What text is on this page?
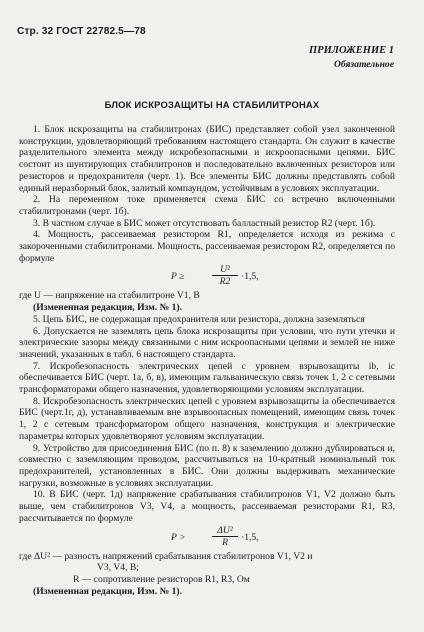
Стр. 32 ГОСТ 22782.5—78
ПРИЛОЖЕНИЕ 1
Обязательное
БЛОК ИСКРОЗАЩИТЫ НА СТАБИЛИТРОНАХ

1. Блок искрозащиты на стабилитронах (БИС) представляет собой узел законченной конструкции, удовлетворяющий требованиям настоящего стандарта. Он служит в качестве разделительного элемента между искробезопасными и искроопасными цепями. БИС состоит из шунтирующих стабилитронов и последовательно включенных резисторов или резисторов и предохранителя (черт. 1). Все элементы БИС должны представлять собой единый неразборный блок, залитый компаундом, устойчивым в условиях эксплуатации.

2. На переменном токе применяется схема БИС со встречно включенными стабилитронами (черт. 1б).

3. В частном случае в БИС может отсутствовать балластный резистор R2 (черт. 1б).

4. Мощность, рассеиваемая резистором R1, определяется исходя из режима с закороченными стабилитронами. Мощность, рассеиваемая резистором R2, определяется по формуле

P ≥	$\frac{\text{U²}}{R2} \cdot 1,5$,

где U — напряжение на стабилитроне V1, В

(Измененная редакция, Изм. № 1).

5. Цепь БИС, не содержащая предохранителя или резистора, должна заземляться

6. Допускается не заземлять цепь блока искрозащиты при условии, что пути утечки и электрические зазоры между связанными с ним искроопасными цепями и землей не ниже значений, указанных в табл. 6 настоящего стандарта.

7. Искробезопасность электрических цепей с уровнем взрывозащиты ib, ic обеспечивается БИС (черт. 1а, б, в), имеющим гальваническую связь точек 1, 2 с сетевыми трансформаторами общего назначения, удовлетворяющими условиям эксплуатации.

8. Искробезопасность электрических цепей с уровнем взрывозащиты ia обеспечивается БИС (черт.1г, д), устанавливаемым вне взрывоопасных помещений, имеющим связь точек 1, 2 с сетевым трансформатором общего назначения, конструкция и электрические параметры которых удовлетворяют условиям эксплуатации.

9. Устройство для присоединения БИС (по п. 8) к заземлению должно дублироваться и, совместно с заземляющим проводом, рассчитываться на 10-кратный номинальный ток предохранителей, установленных в БИС. Они должны выдерживать механические нагрузки, возможные в условиях эксплуатации.

10. В БИС (черт. 1д) напряжение срабатывания стабилитронов V1, V2 должно быть выше, чем стабилитронов V3, V4, а мощность, рассеиваемая резисторами R1, R3, рассчитывается по формуле

P >	$\frac{\text{ΔU²}}{R} \cdot 1,5$,
где ΔU² — разность напряжений срабатывания стабилитронов V1, V2 и
V3, V4, В;
R — сопротивление резисторов R1, R3, Ом
(Измененная редакция, Изм. № 1).
